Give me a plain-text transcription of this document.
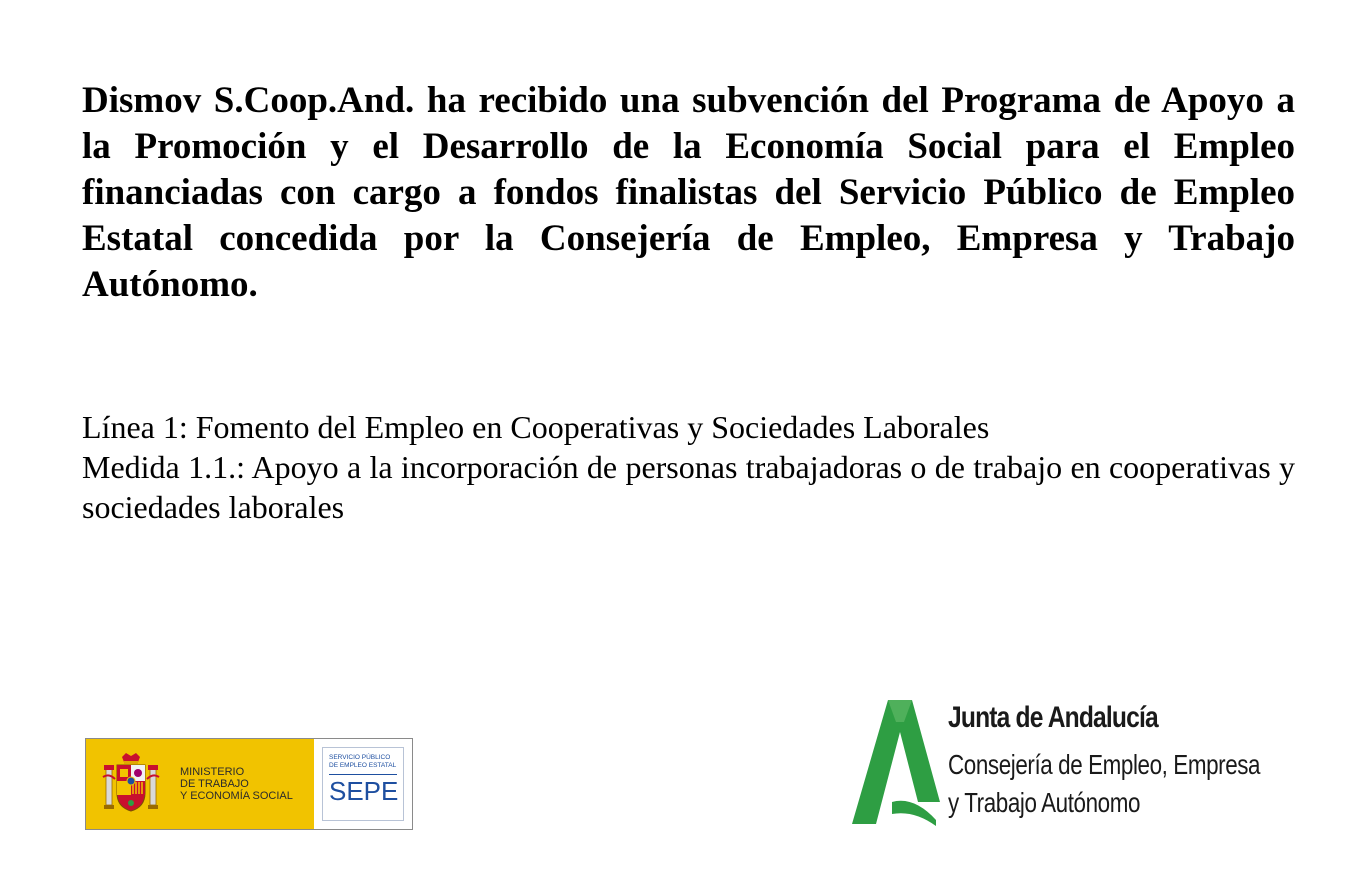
Dismov S.Coop.And. ha recibido una subvención del Programa de Apoyo a la Promoción y el Desarrollo de la Economía Social para el Empleo financiadas con cargo a fondos finalistas del Servicio Público de Empleo Estatal concedida por la Consejería de Empleo, Empresa y Trabajo Autónomo.

Línea 1: Fomento del Empleo en Cooperativas y Sociedades Laborales

Medida 1.1.: Apoyo a la incorporación de personas trabajadoras o de trabajo en cooperativas y sociedades laborales

MINISTERIO
DE TRABAJO
Y ECONOMÍA SOCIAL
SERVICIO PÚBLICO
DE EMPLEO ESTATAL
SEPE
Junta de Andalucía
Consejería de Empleo, Empresa
y Trabajo Autónomo
